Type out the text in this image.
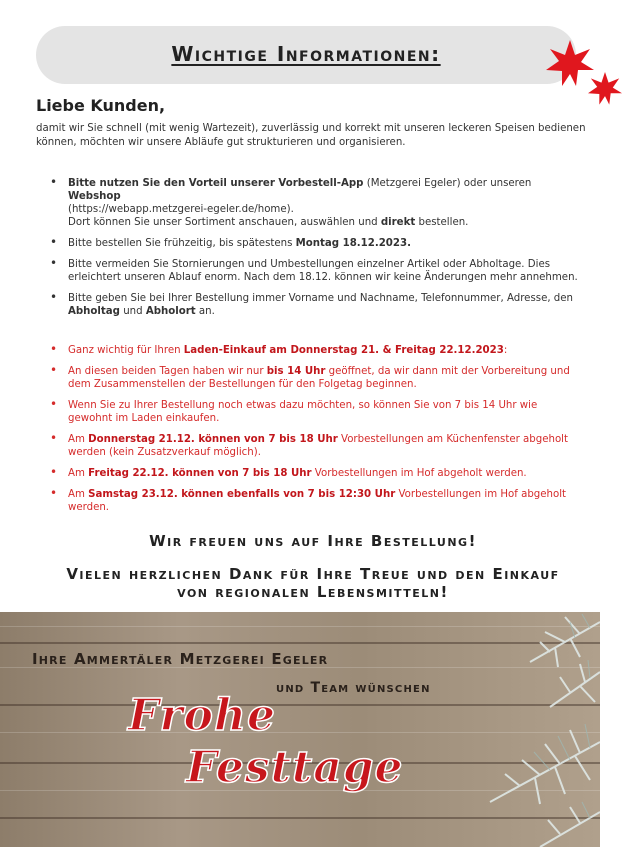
Wichtige Informationen:
Liebe Kunden,
damit wir Sie schnell (mit wenig Wartezeit), zuverlässig und korrekt mit unseren leckeren Speisen bedienen können, möchten wir unsere Abläufe gut strukturieren und organisieren.
• Bitte nutzen Sie den Vorteil unserer Vorbestell-App (Metzgerei Egeler) oder unseren Webshop
(https://webapp.metzgerei-egeler.de/home).
Dort können Sie unser Sortiment anschauen, auswählen und direkt bestellen.
• Bitte bestellen Sie frühzeitig, bis spätestens Montag 18.12.2023.
• Bitte vermeiden Sie Stornierungen und Umbestellungen einzelner Artikel oder Abholtage. Dies erleichtert unseren Ablauf enorm. Nach dem 18.12. können wir keine Änderungen mehr annehmen.
• Bitte geben Sie bei Ihrer Bestellung immer Vorname und Nachname, Telefonnummer, Adresse, den Abholtag und Abholort an.
• Ganz wichtig für Ihren Laden-Einkauf am Donnerstag 21. & Freitag 22.12.2023:
• An diesen beiden Tagen haben wir nur bis 14 Uhr geöffnet, da wir dann mit der Vorbereitung und dem Zusammenstellen der Bestellungen für den Folgetag beginnen.
• Wenn Sie zu Ihrer Bestellung noch etwas dazu möchten, so können Sie von 7 bis 14 Uhr wie gewohnt im Laden einkaufen.
• Am Donnerstag 21.12. können von 7 bis 18 Uhr Vorbestellungen am Küchenfenster abgeholt werden (kein Zusatzverkauf möglich).
• Am Freitag 22.12. können von 7 bis 18 Uhr Vorbestellungen im Hof abgeholt werden.
• Am Samstag 23.12. können ebenfalls von 7 bis 12:30 Uhr Vorbestellungen im Hof abgeholt werden.
Wir freuen uns auf Ihre Bestellung!
Vielen herzlichen Dank für Ihre Treue und den Einkauf
von regionalen Lebensmitteln!
Ihre Ammertäler Metzgerei Egeler
und Team wünschen
Frohe
Festtage
